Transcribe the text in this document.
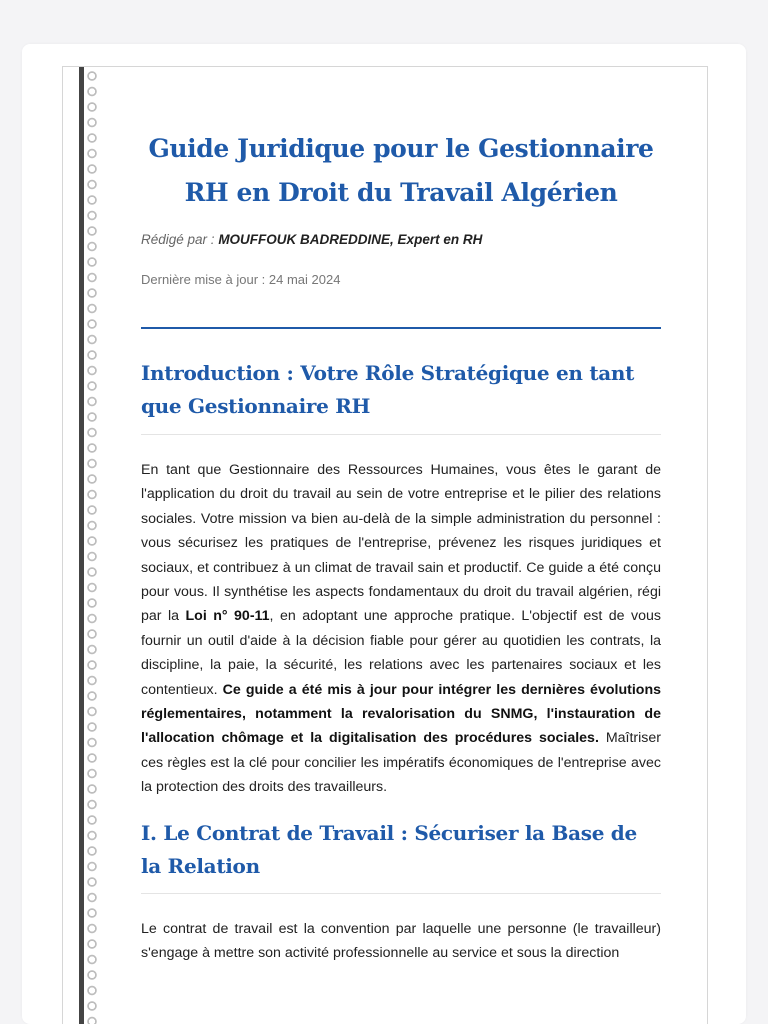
Guide Juridique pour le Gestionnaire RH en Droit du Travail Algérien
Rédigé par : MOUFFOUK BADREDDINE, Expert en RH
Dernière mise à jour : 24 mai 2024
Introduction : Votre Rôle Stratégique en tant que Gestionnaire RH

En tant que Gestionnaire des Ressources Humaines, vous êtes le garant de l'application du droit du travail au sein de votre entreprise et le pilier des relations sociales. Votre mission va bien au-delà de la simple administration du personnel : vous sécurisez les pratiques de l'entreprise, prévenez les risques juridiques et sociaux, et contribuez à un climat de travail sain et productif. Ce guide a été conçu pour vous. Il synthétise les aspects fondamentaux du droit du travail algérien, régi par la Loi n° 90-11, en adoptant une approche pratique. L'objectif est de vous fournir un outil d'aide à la décision fiable pour gérer au quotidien les contrats, la discipline, la paie, la sécurité, les relations avec les partenaires sociaux et les contentieux. Ce guide a été mis à jour pour intégrer les dernières évolutions réglementaires, notamment la revalorisation du SNMG, l'instauration de l'allocation chômage et la digitalisation des procédures sociales. Maîtriser ces règles est la clé pour concilier les impératifs économiques de l'entreprise avec la protection des droits des travailleurs.

I. Le Contrat de Travail : Sécuriser la Base de la Relation

Le contrat de travail est la convention par laquelle une personne (le travailleur) s'engage à mettre son activité professionnelle au service et sous la direction
